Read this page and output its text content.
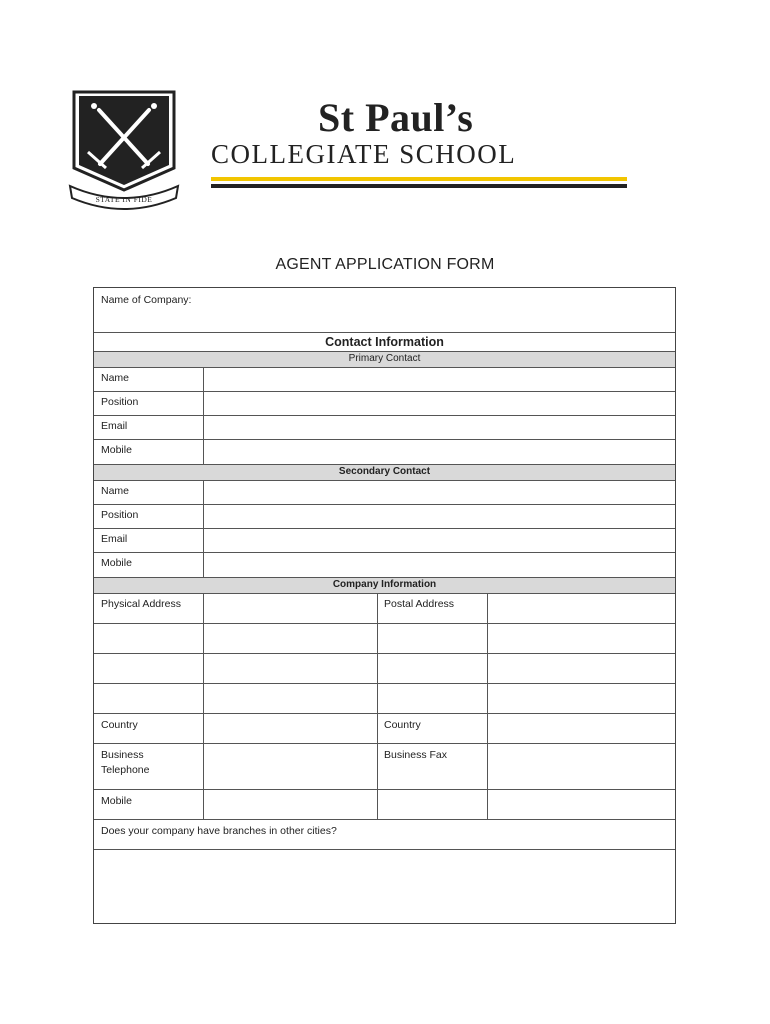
STATE IN FIDE
St Paul’s
COLLEGIATE SCHOOL
AGENT APPLICATION FORM
Name of Company:
Contact Information
Primary Contact
Name
Position
Email
Mobile
Secondary Contact
Name
Position
Email
Mobile
Company Information
Physical Address	Postal Address
Country	Country
Business Telephone
Business Fax
Mobile
Does your company have branches in other cities?
